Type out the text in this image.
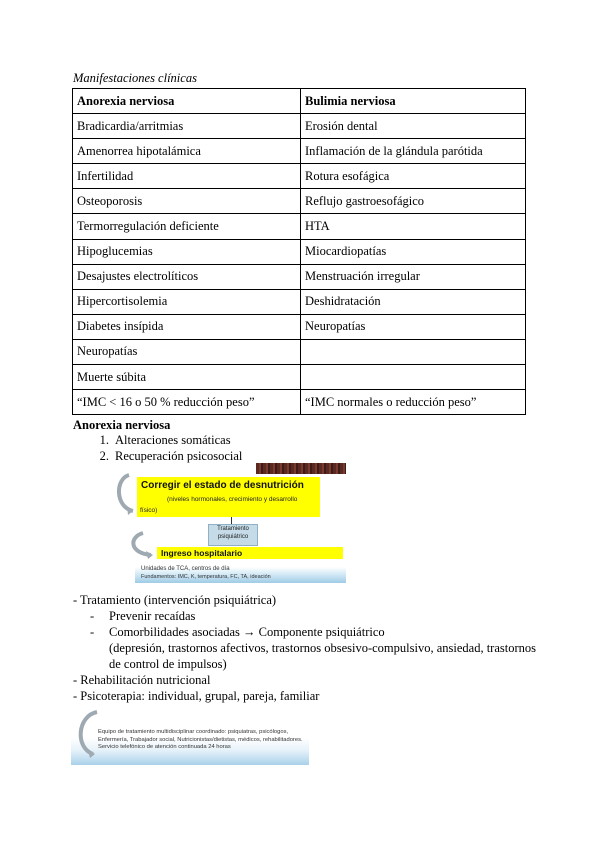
Manifestaciones clínicas
Anorexia nerviosa	Bulimia nerviosa
Bradicardia/arritmias	Erosión dental
Amenorrea hipotalámica	Inflamación de la glándula parótida
Infertilidad	Rotura esofágica
Osteoporosis	Reflujo gastroesofágico
Termorregulación deficiente	HTA
Hipoglucemias	Miocardiopatías
Desajustes electrolíticos	Menstruación irregular
Hipercortisolemia	Deshidratación
Diabetes insípida	Neuropatías
Neuropatías	
Muerte súbita	
“IMC < 16 o 50 % reducción peso”	“IMC normales o reducción peso”
Anorexia nerviosa
1. Alteraciones somáticas
2. Recuperación psicosocial
Corregir el estado de desnutrición
(niveles hormonales, crecimiento y desarrollo
físico)
Tratamiento psiquiátrico
Ingreso hospitalario
Unidades de TCA, centros de día
Fundamentos: IMC, K, temperatura, FC, TA, ideación
- Tratamiento (intervención psiquiátrica)
- Prevenir recaídas
- Comorbilidades asociadas → Componente psiquiátrico
(depresión, trastornos afectivos, trastornos obsesivo-compulsivo, ansiedad, trastornos
de control de impulsos)
- Rehabilitación nutricional
- Psicoterapia: individual, grupal, pareja, familiar
Equipo de tratamiento multidisciplinar coordinado: psiquiatras, psicólogos, Enfermería, Trabajador social, Nutricionistas/dietistas, médicos, rehabilitadores. Servicio telefónico de atención continuada 24 horas
